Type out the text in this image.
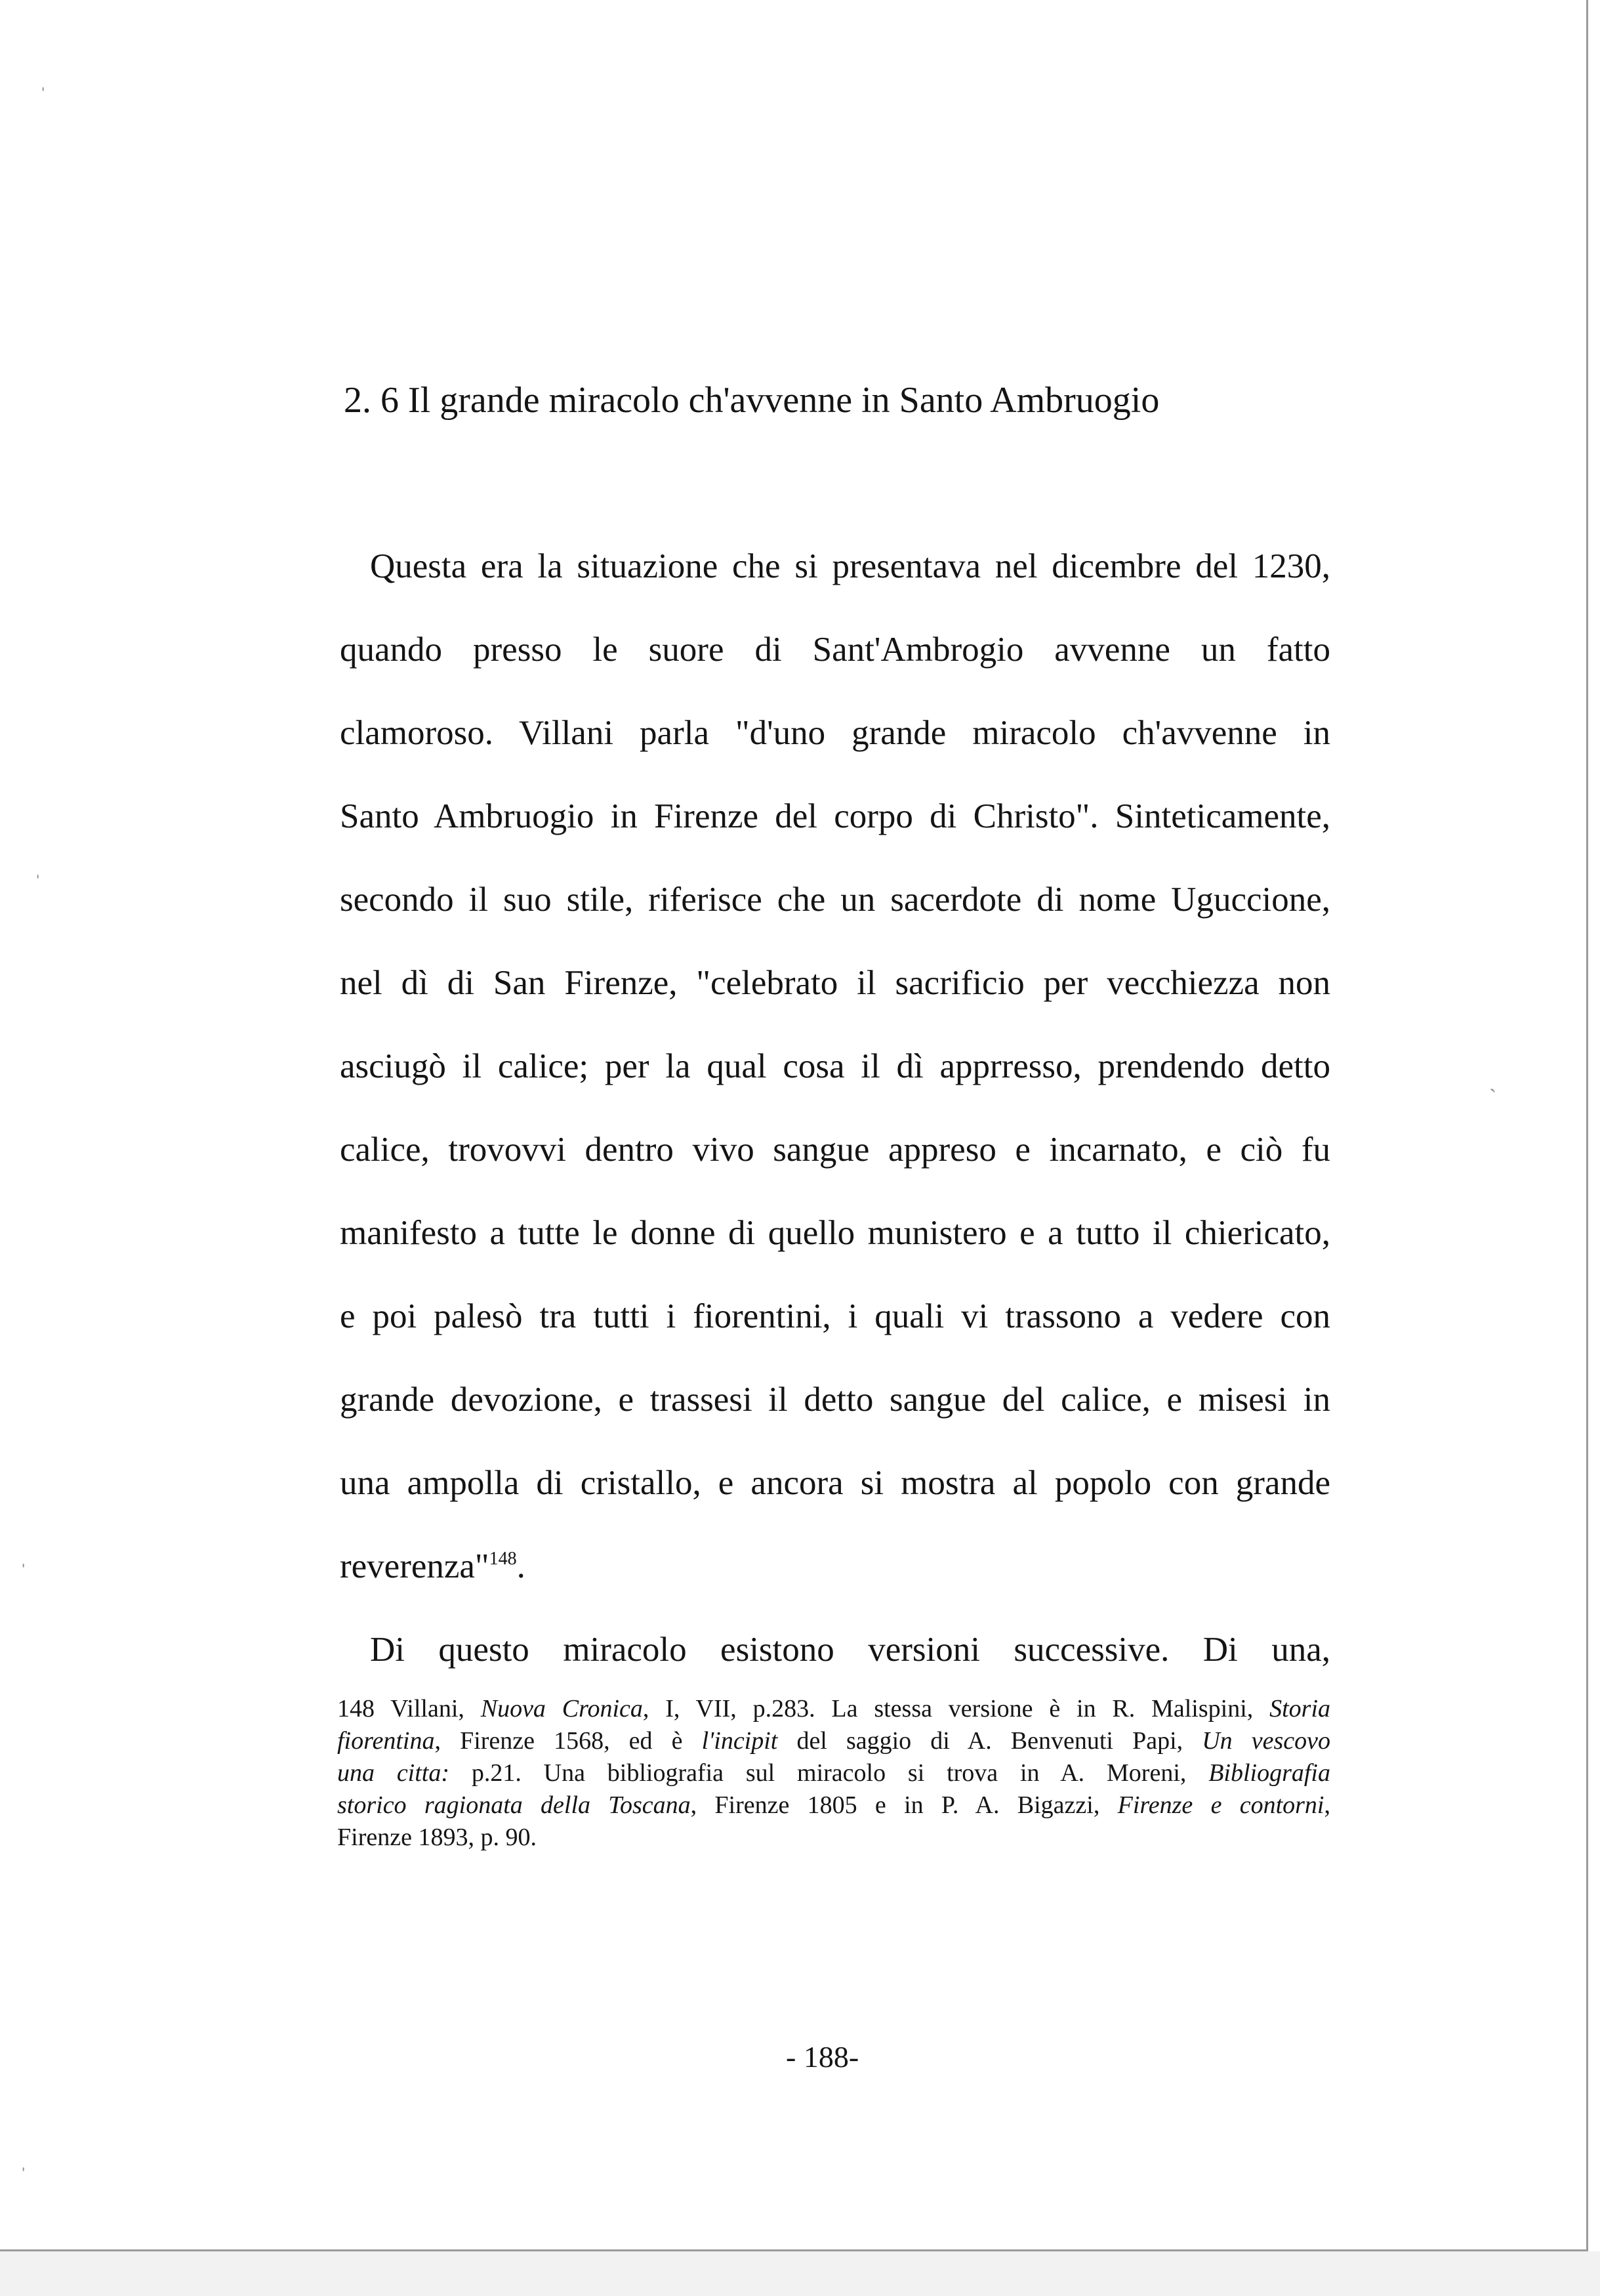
ˈ
ˈ
ˈ
ˈ
ˏ
2. 6 Il grande miracolo ch'avvenne in Santo Ambruogio
Questa era la situazione che si presentava nel dicembre del 1230,
quando presso le suore di Sant'Ambrogio avvenne un fatto
clamoroso. Villani parla "d'uno grande miracolo ch'avvenne in
Santo Ambruogio in Firenze del corpo di Christo". Sinteticamente,
secondo il suo stile, riferisce che un sacerdote di nome Uguccione,
nel dì di San Firenze, "celebrato il sacrificio per vecchiezza non
asciugò il calice; per la qual cosa il dì apprresso, prendendo detto
calice, trovovvi dentro vivo sangue appreso e incarnato, e ciò fu
manifesto a tutte le donne di quello munistero e a tutto il chiericato,
e poi palesò tra tutti i fiorentini, i quali vi trassono a vedere con
grande devozione, e trassesi il detto sangue del calice, e misesi in
una ampolla di cristallo, e ancora si mostra al popolo con grande
reverenza"$^{148}$.
Di questo miracolo esistono versioni successive. Di una,
148 Villani, Nuova Cronica, I, VII, p.283. La stessa versione è in R. Malispini, Storia
fiorentina, Firenze 1568, ed è l'incipit del saggio di A. Benvenuti Papi, Un vescovo
una citta: p.21. Una bibliografia sul miracolo si trova in A. Moreni, Bibliografia
storico ragionata della Toscana, Firenze 1805 e in P. A. Bigazzi, Firenze e contorni,
Firenze 1893, p. 90.
- 188-
